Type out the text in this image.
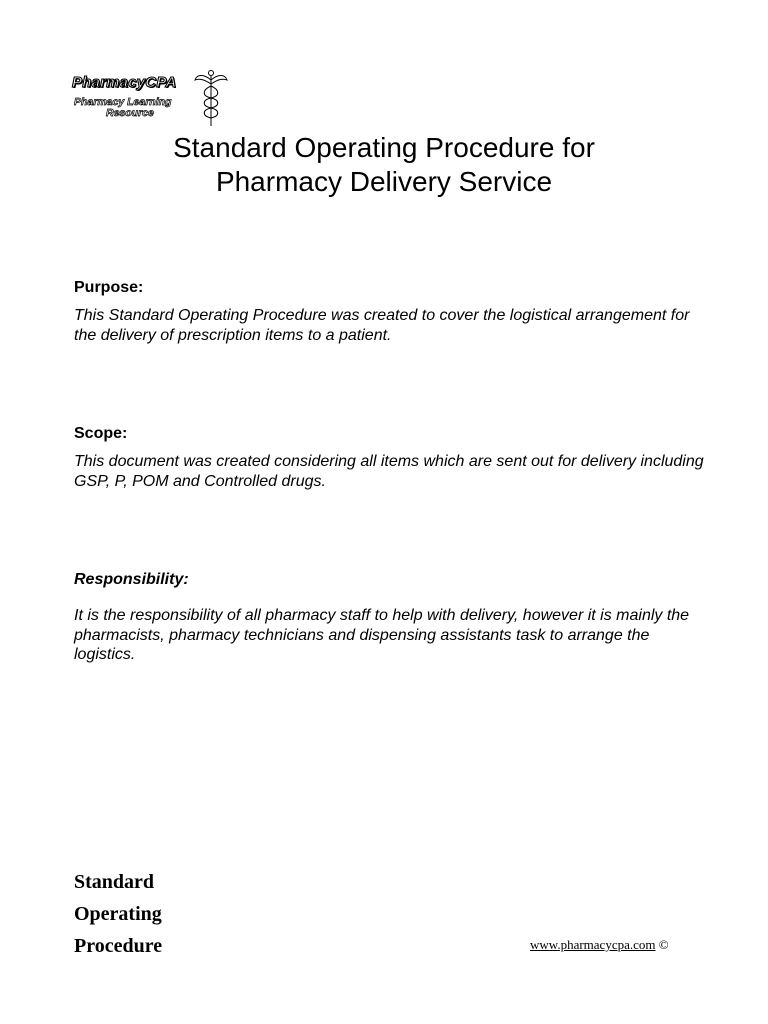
PharmacyCPA
Pharmacy Learning
Resource
Standard Operating Procedure for
Pharmacy Delivery Service

Purpose:

This Standard Operating Procedure was created to cover the logistical arrangement for the delivery of prescription items to a patient.

Scope:

This document was created considering all items which are sent out for delivery including GSP, P, POM and Controlled drugs.

Responsibility:

It is the responsibility of all pharmacy staff to help with delivery, however it is mainly the pharmacists, pharmacy technicians and dispensing assistants task to arrange the logistics.

Standard
Operating
Procedure	www.pharmacycpa.com ©
